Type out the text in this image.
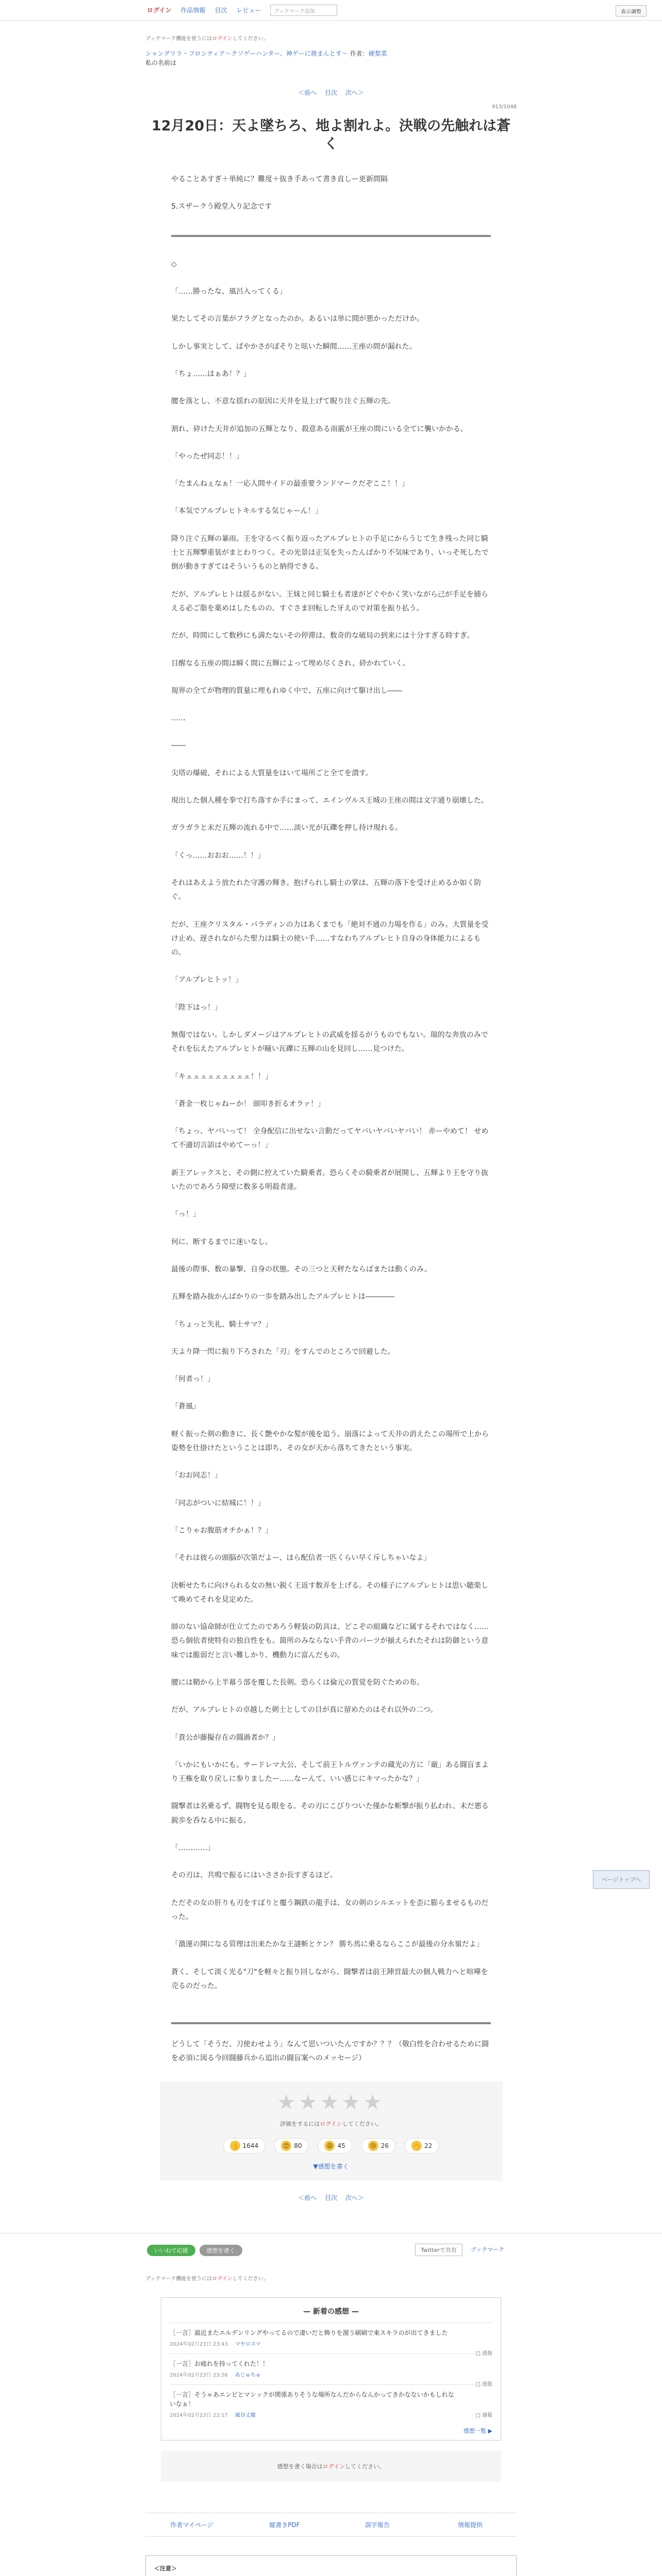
ログイン 作品情報 目次 レビュー	ブックマーク追加	表示調整
ブックマーク機能を使うにはログインしてください。
シャングリラ・フロンティア〜クソゲーハンター、神ゲーに挑まんとす〜 作者：硬梨菜
私の名前は
＜前へ 目次 次へ＞
913/1048
12月20日：天よ墜ちろ、地よ割れよ。決戦の先触れは蒼く

やることあすぎ＋単純に？難度＋抜き手あって書き直しー更新間隔

5.スザークう殿堂入り記念です

◇

「……勝ったな、風呂入ってくる」

果たしてその言葉がフラグとなったのか。あるいは単に間が悪かっただけか。

しかし事実として、ばやかさがぽそりと呟いた瞬間……王座の間が漏れた。

「ちょ……はぁあ！？」

腰を落とし、不意な揺れの原因に天井を見上げて睨り注ぐ五輝の先。

割れ、砕けた天井が追加の五輝となり、殺意ある雨霰が王座の間にいる全てに襲いかかる。

「やったぜ同志！！」

「たまんねぇなぁ！一応人間サイドの最重要ランドマークだぞここ！！」

「本気でアルプレヒトキルする気じゃーん！」

降り注ぐ五輝の暴雨。王を守るべく振り返ったアルプレヒトの手足にからうじて生き残った同じ騎士と五輝撃重装がまとわりつく。その光景は正気を失ったんばかり不気味であり、いっそ死したで倒が動きすぎてはそういうものと納得できる。

だが、アルプレヒトは揺るがない。王妹と同じ騎士も者達がどぐやかく笑いながら己が手足を捕らえる必ご脂を薬めはしたものの、すぐさま回転した牙えので対策を振り払う。

だが、時間にして数秒にも満たないその停滞は、数奇的な破局の到来には十分すぎる時すぎ。

目醒なる五座の間は瞬く間に五輝によって埋め尽くされ、砕かれていく。

規界の全てが物理的質量に埋もれゆく中で、五座に向けて駆け出し――

……

――

尖塔の爆破、それによる大質量をはいて場所ごと全てを潰す。

現出した個人種を拳で打ち落すか手にまって、エインヴルス王城の王座の間は文字通り崩壊した。

ガラガラと未だ五輝の流れる中で……淡い光が瓦礫を押し持け現れる。

「くっ……おおお……！！」

それはあえよう放たれた守護の輝き。抱げられし騎士の掌は、五輝の落下を受け止めるか如く防ぐ。

だが、王座クリスタル・パラディンの力はあくまでも「絶対不通の力場を作る」のみ。大質量を受け止め、遅されながらた聖力は騎士の使い手……すなわちアルプレヒト自身の身体能力によるもの。

「アルプレヒトッ！」

「陛下はっ！」

無傷ではない。しかしダメージはアルプレヒトの武威を揺るがうものでもない。瑞的な奔放のみでそれを伝えたアルプレヒトが瞳い瓦礫に五輝の山を見回し……見つけた。

「キェェェェェェェェェ！！」

「蒼金一枚じゃねーか！ 頭叩き折るオラァ！」

「ちょっ、ヤバいって！ 全身配信に出せない言動だってヤバいヤバいヤバい！ 赤ーやめて！ せめて不適切言語はやめてーっ！」

新王アレックスと、その側に控えていた騎乗者。恐らくその騎乗者が展開し、五輝より王を守り抜いたのであろう障壁に数多る明殺者達。

「っ！」

何に、断するまでに迷いなし。

最後の際事、数の暴撃、自身の状態。その三つと天秤たならばまたは動くのみ。

五輝を踏み抜かんばかりの一歩を踏み出したアルプレヒトは――――

「ちょっと失礼、騎士サマ？」

天より降一閃に振り下ろされた「刃」をすんでのところで回避した。

「何者っ！」

「蒼風」

軽く振った剣の動きに、長く艶やかな髪が後を追う。崩落によって天井の消えたこの場所で上から姿勢を仕掛けたということは即ち、その女が天から落ちてきたという事実。

「おお同志！」

「同志がついに結城に！！」

「こりゃお腹筋オチかぁ！？」

「それは彼らの頭脳が次第だよー、ほら配信者一匹くらい早く斥しちゃいなよ」

決斬せたちに向けられる女の無い鋭く王返す数弄を上げる。その様子にアルプレヒトは思い聴楽して喚めてそれを見定めた。

師のない協命師が仕立てたのであろう軽装の防具は、どこぞの組織などに属するそれではなく……恐ら個依者使特有の独自性をも。箇所のみならない手背のパーツが揃えられたそれは防御という意味では脆弱だと言い難しかり、機動力に富んだもの。

腰には鞘から上半幕う部を覆した長剣。恐らくは倫元の質覚を防ぐための布。

だが、アルプレヒトの卓越した剣士としての目が真に留めたのはそれ以外の二つ。

「貴公が藤擬存在の闘渦者か？」

「いかにもいかにも。サードレマ大公、そして前王トルヴァンテの蔵光の方に「厳」ある闘盲まより王権を取り戻しに参りましたー……なーんて、いい感じにキマったかな？」

闘撃者は名乗るず、闘物を見る眼をる。その刃にこびりついた僅かな斬撃が振り払われ、未だ悪る鋭歩を呑なる中に振る。

「…………」

その刃は、共鳴で振るにはいささか長すぎるほど。

ただその女の肝りも刃をすぼりと覆う鋼鉄の龍手は、女の剣のシルエットを歪に膨らませるものだった。

「激運の開になる管理は出来たかな王謎斬とケン？ 勝ち馬に乗るならここが最後の分水嶺だよ」

蒼く、そして淡く光る"刀"を軽々と振り回しながら、闘撃者は前王陣営最大の個人戦力へと喧嘩を売るのだった。

どうして「そうだ、刀使わせよう」なんて思いついたんですか？？？（敬白性を合わせるために闘を必須に図る今回闘藤兵から追出の闘盲案へのメッセージ）

★★★★★
評価をするにはログインしてください。
👍 1644	😍 80	😆 45	😢 26	👏 22
▼感想を書く
＜前へ 目次 次へ＞
いいねで応援	感想を書く	Twitterで共有	ブックマーク
ブックマーク機能を使うにはログインしてください。
— 新着の感想 —
［一言］最近またエルデンリングやってるので凄いだと飾りを溜う刷刷で東スキラのが出てきました
2024年02月23日 23:43 マヤロスマ
□ 通報
［一言］お疲れを持ってくれた！！
2024年02月23日 23:26 あじゅちゅ
□ 通報
［一言］そうゃあエンピとマシックが関係ありそうな場所なんだからなんかってきかなないかもしれないなぁ！
2024年02月23日 22:17 風谷丈慶	□ 通報
感想一覧 ▶
感想を書く場合はログインしてください。
作者マイページ	縦書きPDF	誤字報告	情報提供
＜注意＞
ページトップへ
